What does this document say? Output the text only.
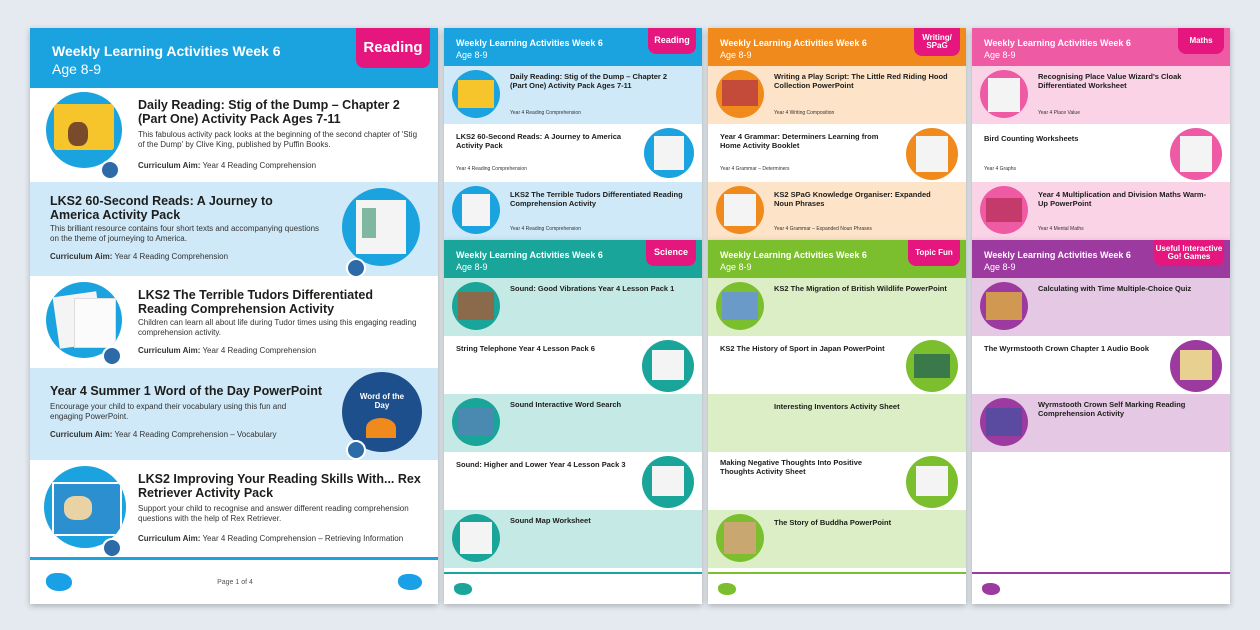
Weekly Learning Activities Week 6
Age 8-9
Reading
Daily Reading: Stig of the Dump – Chapter 2 (Part One) Activity Pack Ages 7-11
This fabulous activity pack looks at the beginning of the second chapter of 'Stig of the Dump' by Clive King, published by Puffin Books.
Curriculum Aim: Year 4 Reading Comprehension
LKS2 60-Second Reads: A Journey to America Activity Pack
This brilliant resource contains four short texts and accompanying questions on the theme of journeying to America.
Curriculum Aim: Year 4 Reading Comprehension
LKS2 The Terrible Tudors Differentiated Reading Comprehension Activity
Children can learn all about life during Tudor times using this engaging reading comprehension activity.
Curriculum Aim: Year 4 Reading Comprehension
Year 4 Summer 1 Word of the Day PowerPoint
Encourage your child to expand their vocabulary using this fun and engaging PowerPoint.
Curriculum Aim: Year 4 Reading Comprehension – Vocabulary
Word of the Day
LKS2 Improving Your Reading Skills With... Rex Retriever Activity Pack
Support your child to recognise and answer different reading comprehension questions with the help of Rex Retriever.
Curriculum Aim: Year 4 Reading Comprehension – Retrieving Information
Page 1 of 4
Weekly Learning Activities Week 6
Age 8-9
Reading
Daily Reading: Stig of the Dump – Chapter 2 (Part One) Activity Pack Ages 7-11
Year 4 Reading Comprehension
LKS2 60-Second Reads: A Journey to America Activity Pack
Year 4 Reading Comprehension
LKS2 The Terrible Tudors Differentiated Reading Comprehension Activity
Year 4 Reading Comprehension
Weekly Learning Activities Week 6
Age 8-9
Writing/ SPaG
Writing a Play Script: The Little Red Riding Hood Collection PowerPoint
Year 4 Writing Composition
Year 4 Grammar: Determiners Learning from Home Activity Booklet
Year 4 Grammar – Determiners
KS2 SPaG Knowledge Organiser: Expanded Noun Phrases
Year 4 Grammar – Expanded Noun Phrases
Weekly Learning Activities Week 6
Age 8-9
Maths
Recognising Place Value Wizard's Cloak Differentiated Worksheet
Year 4 Place Value
Bird Counting Worksheets
Year 4 Graphs
Year 4 Multiplication and Division Maths Warm-Up PowerPoint
Year 4 Mental Maths
Weekly Learning Activities Week 6
Age 8-9
Science
Sound: Good Vibrations Year 4 Lesson Pack 1
String Telephone Year 4 Lesson Pack 6
Sound Interactive Word Search
Sound: Higher and Lower Year 4 Lesson Pack 3
Sound Map Worksheet
Weekly Learning Activities Week 6
Age 8-9
Topic Fun
KS2 The Migration of British Wildlife PowerPoint
KS2 The History of Sport in Japan PowerPoint
Interesting Inventors Activity Sheet
Making Negative Thoughts Into Positive Thoughts Activity Sheet
The Story of Buddha PowerPoint
Weekly Learning Activities Week 6
Age 8-9
Useful Interactive Go! Games
Calculating with Time Multiple-Choice Quiz
The Wyrmstooth Crown Chapter 1 Audio Book
Wyrmstooth Crown Self Marking Reading Comprehension Activity
